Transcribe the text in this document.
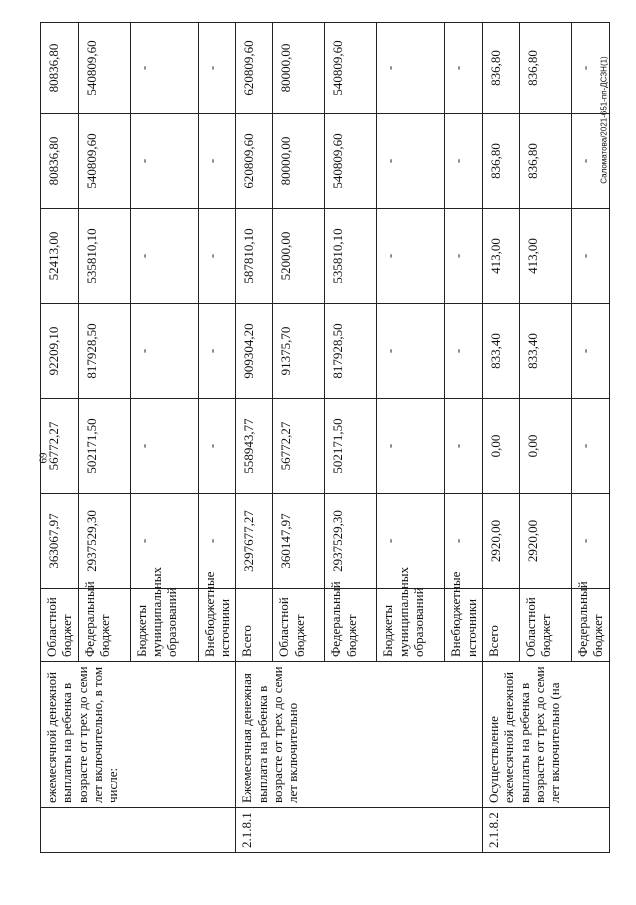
69
Саломатова/2021-651-пп-ДСЗН(1)
	ежемесячной денежной выплаты на ребенка в возрасте от трех до семи лет включительно, в том числе:	Областной бюджет	363067,97	56772,27	92209,10	52413,00	80836,80	80836,80
		Федеральный бюджет	2937529,30	502171,50	817928,50	535810,10	540809,60	540809,60
		Бюджеты муниципальных образований	-	-	-	-	-	-
		Внебюджетные источники	-	-	-	-	-	-
2.1.8.1	Ежемесячная денежная выплата на ребенка в возрасте от трех до семи лет включительно	Всего	3297677,27	558943,77	909304,20	587810,10	620809,60	620809,60
		Областной бюджет	360147,97	56772,27	91375,70	52000,00	80000,00	80000,00
		Федеральный бюджет	2937529,30	502171,50	817928,50	535810,10	540809,60	540809,60
		Бюджеты муниципальных образований	-	-	-	-	-	-
		Внебюджетные источники	-	-	-	-	-	-
2.1.8.2	Осуществление ежемесячной денежной выплаты на ребенка в возрасте от трех до семи лет включительно (на	Всего	2920,00	0,00	833,40	413,00	836,80	836,80
		Областной бюджет	2920,00	0,00	833,40	413,00	836,80	836,80
		Федеральный бюджет	-	-	-	-	-	-
